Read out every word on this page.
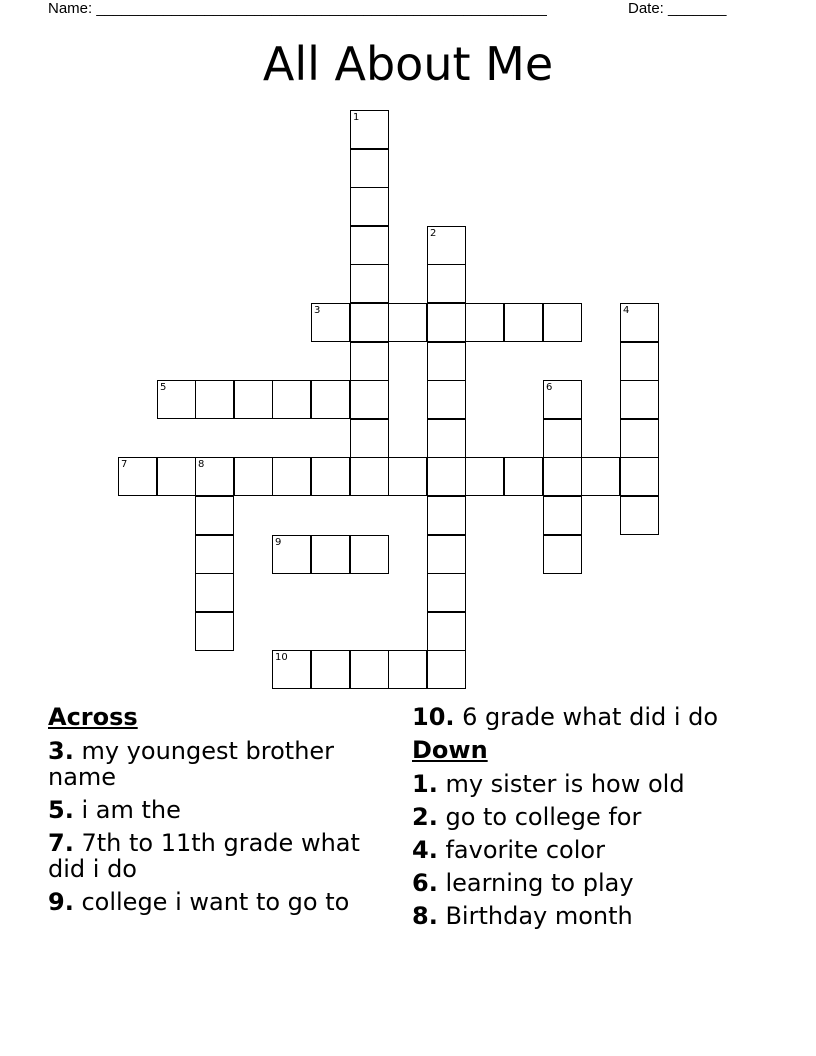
Name: ______________________________________________________	Date: _______
All About Me
1
2
3	4
5	6
7	8
9
10
Across
3. my youngest brother name
5. i am the
7. 7th to 11th grade what did i do
9. college i want to go to
10. 6 grade what did i do
Down
1. my sister is how old
2. go to college for
4. favorite color
6. learning to play
8. Birthday month
